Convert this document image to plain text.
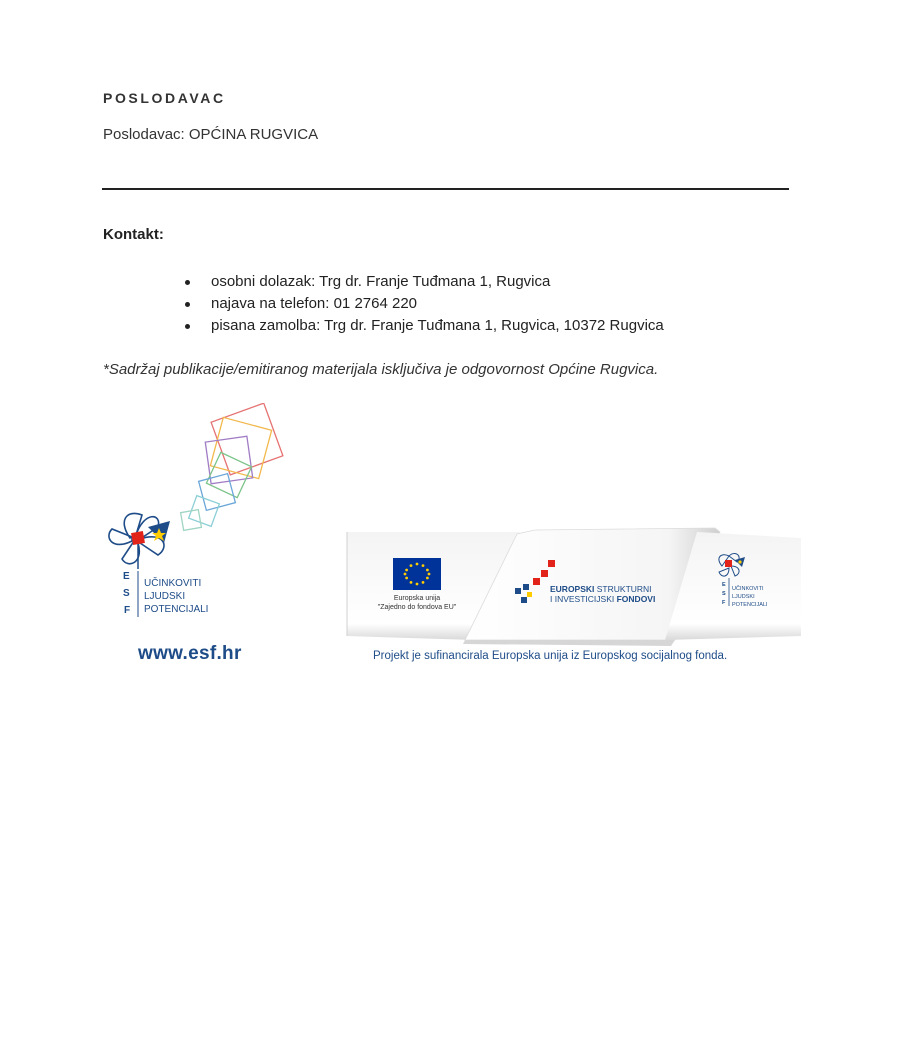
POSLODAVAC
Poslodavac: OPĆINA RUGVICA
Kontakt:
osobni dolazak: Trg dr. Franje Tuđmana 1, Rugvica
najava na telefon: 01 2764 220
pisana zamolba: Trg dr. Franje Tuđmana 1, Rugvica, 10372 Rugvica
*Sadržaj publikacije/emitiranog materijala isključiva je odgovornost Općine Rugvica.
E
S
F
UČINKOVITI
LJUDSKI
POTENCIJALI
www.esf.hr
Europska unija
"Zajedno do fondova EU"
EUROPSKI STRUKTURNI
I INVESTICIJSKI FONDOVI
E
S
F
UČINKOVITI
LJUDSKI
POTENCIJALI
Projekt je sufinancirala Europska unija iz Europskog socijalnog fonda.
